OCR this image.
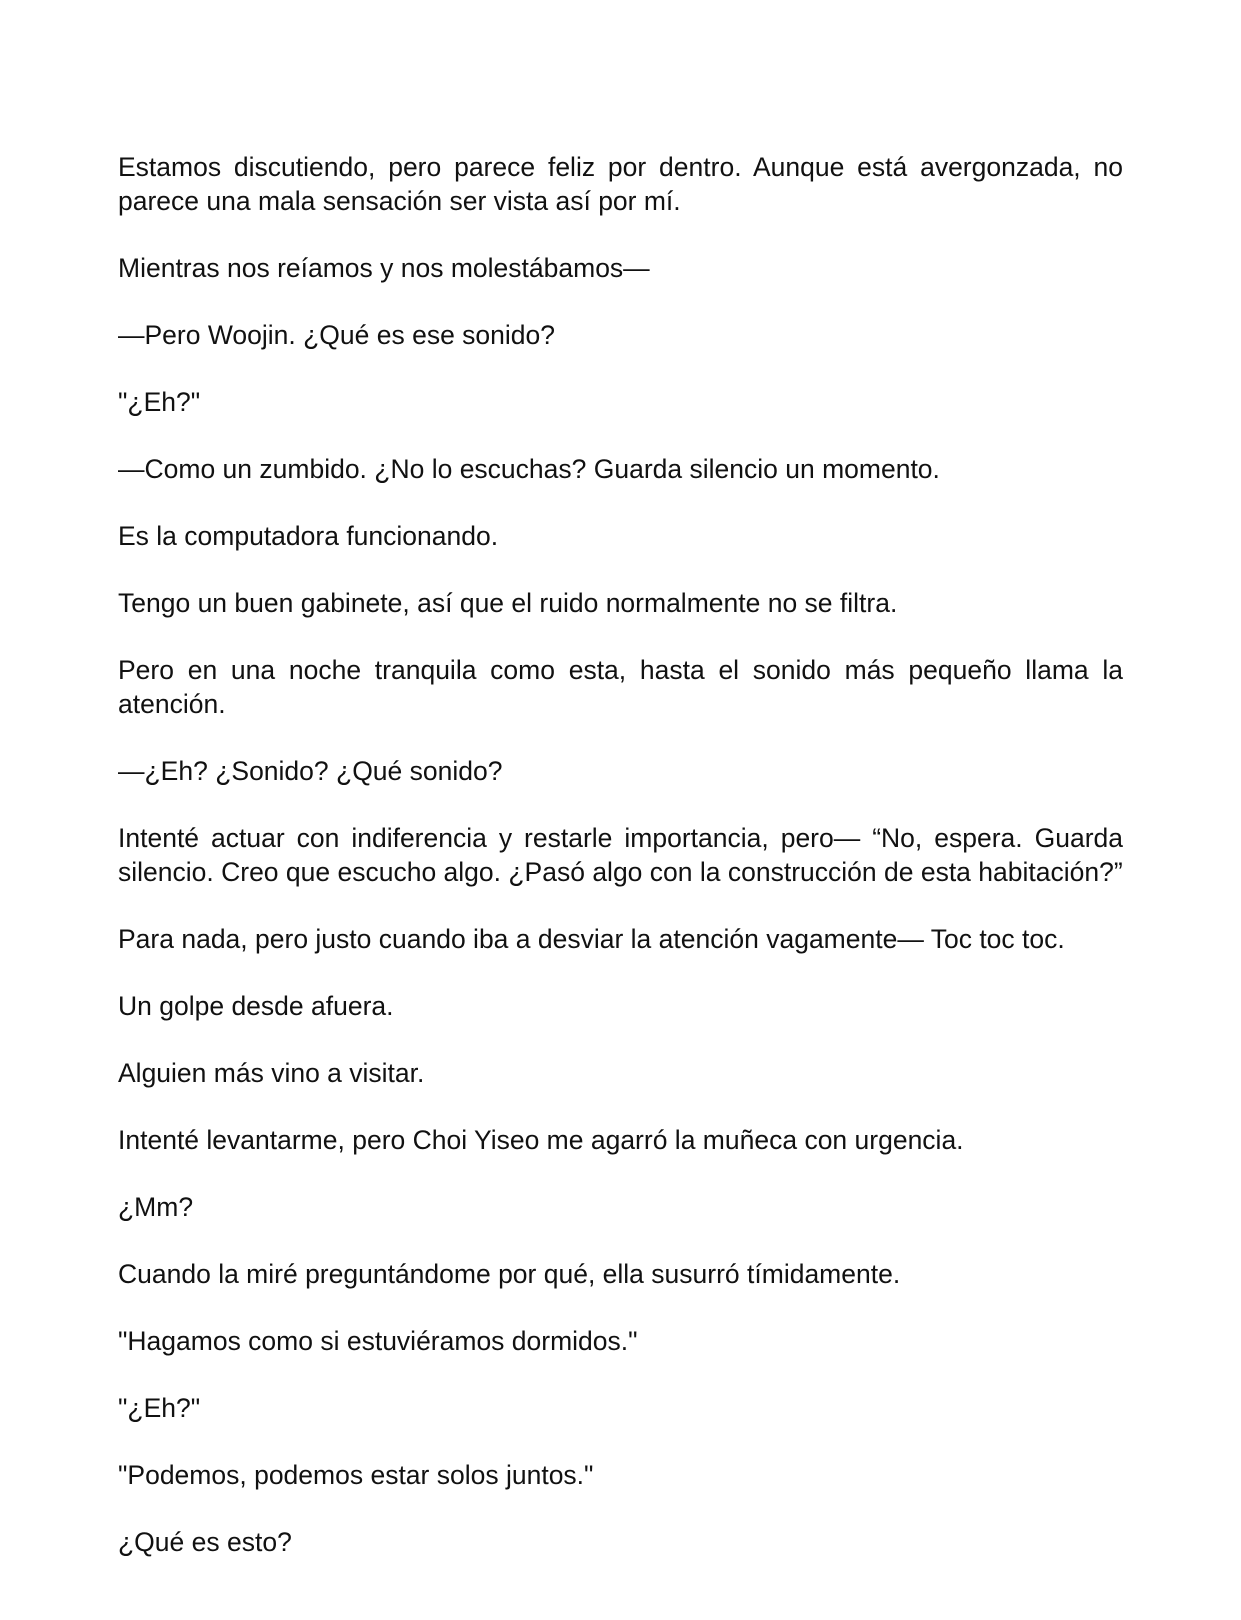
Estamos discutiendo, pero parece feliz por dentro. Aunque está avergonzada, no parece una mala sensación ser vista así por mí.

Mientras nos reíamos y nos molestábamos—

—Pero Woojin. ¿Qué es ese sonido?

"¿Eh?"

—Como un zumbido. ¿No lo escuchas? Guarda silencio un momento.

Es la computadora funcionando.

Tengo un buen gabinete, así que el ruido normalmente no se filtra.

Pero en una noche tranquila como esta, hasta el sonido más pequeño llama la atención.

—¿Eh? ¿Sonido? ¿Qué sonido?

Intenté actuar con indiferencia y restarle importancia, pero— “No, espera. Guarda silencio. Creo que escucho algo. ¿Pasó algo con la construcción de esta habitación?”

Para nada, pero justo cuando iba a desviar la atención vagamente— Toc toc toc.

Un golpe desde afuera.

Alguien más vino a visitar.

Intenté levantarme, pero Choi Yiseo me agarró la muñeca con urgencia.

¿Mm?

Cuando la miré preguntándome por qué, ella susurró tímidamente.

"Hagamos como si estuviéramos dormidos."

"¿Eh?"

"Podemos, podemos estar solos juntos."

¿Qué es esto?
